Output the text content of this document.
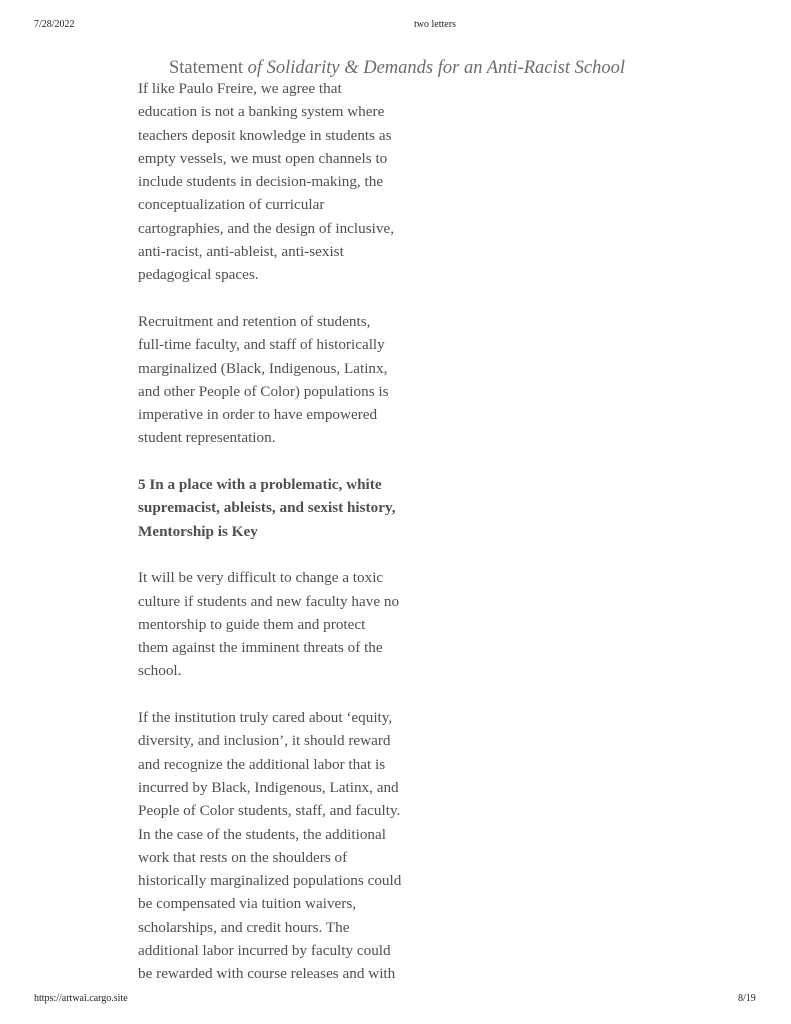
7/28/2022	two letters
Statement of Solidarity & Demands for an Anti-Racist School
If like Paulo Freire, we agree that
education is not a banking system where
teachers deposit knowledge in students as
empty vessels, we must open channels to
include students in decision-making, the
conceptualization of curricular
cartographies, and the design of inclusive,
anti-racist, anti-ableist, anti-sexist
pedagogical spaces.
Recruitment and retention of students,
full-time faculty, and staff of historically
marginalized (Black, Indigenous, Latinx,
and other People of Color) populations is
imperative in order to have empowered
student representation.
5 In a place with a problematic, white
supremacist, ableists, and sexist history,
Mentorship is Key
It will be very difficult to change a toxic
culture if students and new faculty have no
mentorship to guide them and protect
them against the imminent threats of the
school.
If the institution truly cared about ‘equity,
diversity, and inclusion’, it should reward
and recognize the additional labor that is
incurred by Black, Indigenous, Latinx, and
People of Color students, staff, and faculty.
In the case of the students, the additional
work that rests on the shoulders of
historically marginalized populations could
be compensated via tuition waivers,
scholarships, and credit hours. The
additional labor incurred by faculty could
be rewarded with course releases and with
https://artwai.cargo.site	8/19
